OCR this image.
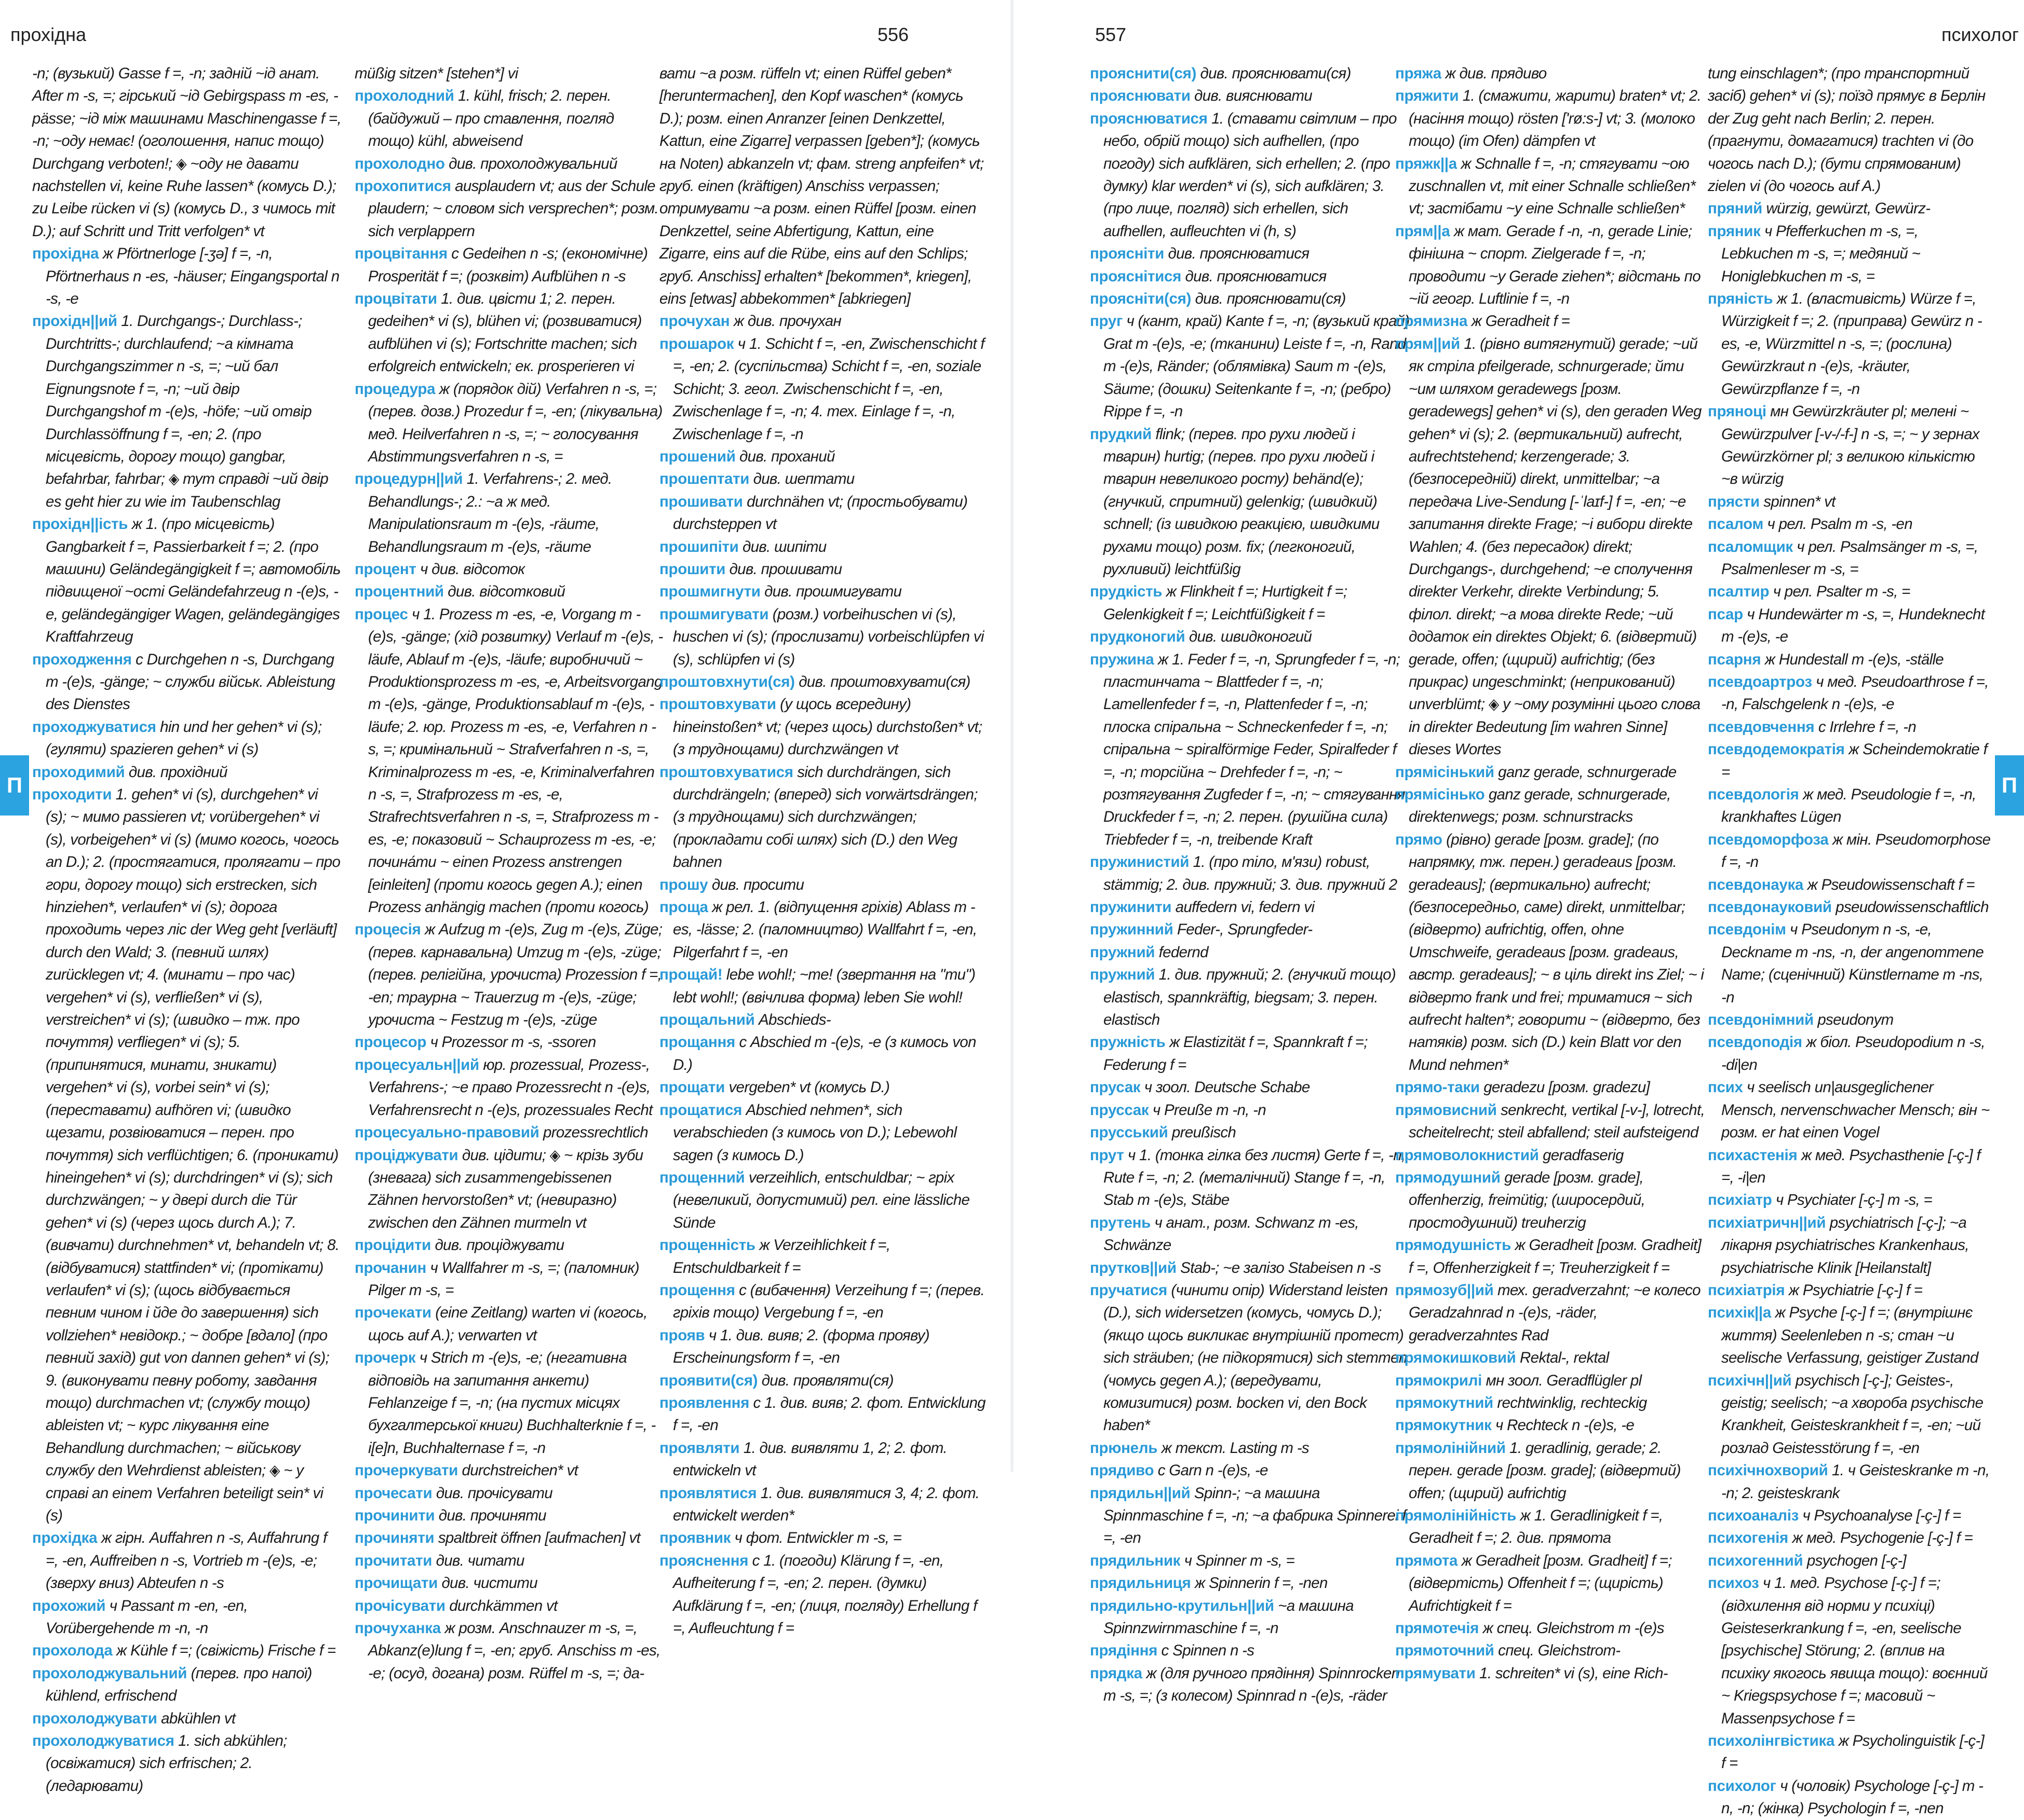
прохідна	556

-n; (вузький) Gasse f =, -n; задній ~ід анат. After m -s, =; гірський ~ід Gebirgspass m -es, -pässe; ~ід між машинами Maschinengasse f =, -n; ~оду немає! (оголошення, напис тощо) Durchgang verboten!; ◈ ~оду не давати nachstellen vi, keine Ruhe lassen* (комусь D.); zu Leibe rücken vi (s) (комусь D., з чимось mit D.); auf Schritt und Tritt verfolgen* vt

прохідна ж Pförtnerloge [-ʒə] f =, -n, Pförtnerhaus n -es, -häuser; Eingangsportal n -s, -e

прохідн||ий 1. Durchgangs-; Durchlass-; Durchtritts-; durchlaufend; ~а кімната Durchgangszimmer n -s, =; ~ий бал Eignungsnote f =, -n; ~ий двір Durchgangshof m -(e)s, -höfe; ~ий отвір Durchlassöffnung f =, -en; 2. (про місцевість, дорогу тощо) gangbar, befahrbar, fahrbar; ◈ тут справді ~ий двір es geht hier zu wie im Taubenschlag

прохідн||ість ж 1. (про місцевість) Gangbarkeit f =, Passierbarkeit f =; 2. (про машини) Geländegängigkeit f =; автомобіль підвищеної ~ості Geländefahrzeug n -(e)s, -e, geländegängiger Wagen, geländegängiges Kraftfahrzeug

проходження с Durchgehen n -s, Durchgang m -(e)s, -gänge; ~ служби військ. Ableistung des Dienstes

проходжуватися hin und her gehen* vi (s); (гуляти) spazieren gehen* vi (s)

проходимий див. прохідний

проходити 1. gehen* vi (s), durchgehen* vi (s); ~ мимо passieren vt; vorübergehen* vi (s), vorbeigehen* vi (s) (мимо когось, чогось an D.); 2. (простягатися, пролягати – про гори, дорогу тощо) sich erstrecken, sich hinziehen*, verlaufen* vi (s); дорога проходить через ліс der Weg geht [verläuft] durch den Wald; 3. (певний шлях) zurücklegen vt; 4. (минати – про час) vergehen* vi (s), verfließen* vi (s), verstreichen* vi (s); (швидко – тж. про почуття) verfliegen* vi (s); 5. (припинятися, минати, зникати) vergehen* vi (s), vorbei sein* vi (s); (переставати) aufhören vi; (швидко щезати, розвіюватися – перен. про почуття) sich verflüchtigen; 6. (проникати) hineingehen* vi (s); durchdringen* vi (s); sich durchzwängen; ~ у двері durch die Tür gehen* vi (s) (через щось durch A.); 7. (вивчати) durchnehmen* vt, behandeln vt; 8. (відбуватися) stattfinden* vi; (протікати) verlaufen* vi (s); (щось відбувається певним чином і йде до завершення) sich vollziehen* невідокр.; ~ добре [вдало] (про певний захід) gut von dannen gehen* vi (s); 9. (виконувати певну роботу, завдання тощо) durchmachen vt; (службу тощо) ableisten vt; ~ курс лікування eine Behandlung durchmachen; ~ військову службу den Wehrdienst ableisten; ◈ ~ у справі an einem Verfahren beteiligt sein* vi (s)

прохідка ж гірн. Auffahren n -s, Auffahrung f =, -en, Auffreiben n -s, Vortrieb m -(e)s, -e; (зверху вниз) Abteufen n -s

прохожий ч Passant m -en, -en, Vorübergehende m -n, -n

прохолода ж Kühle f =; (свіжість) Frische f =

прохолоджувальний (перев. про напої) kühlend, erfrischend

прохолоджувати abkühlen vt

прохолоджуватися 1. sich abkühlen; (освіжатися) sich erfrischen; 2. (ледарювати)

müßig sitzen* [stehen*] vi

прохолодний 1. kühl, frisch; 2. перен. (байдужий – про ставлення, погляд тощо) kühl, abweisend

прохолодно див. прохолоджувальний

прохопитися ausplaudern vt; aus der Schule plaudern; ~ словом sich versprechen*; розм. sich verplappern

процвітання с Gedeihen n -s; (економічне) Prosperität f =; (розквіт) Aufblühen n -s

процвітати 1. див. цвісти 1; 2. перен. gedeihen* vi (s), blühen vi; (розвиватися) aufblühen vi (s); Fortschritte machen; sich erfolgreich entwickeln; ек. prosperieren vi

процедура ж (порядок дій) Verfahren n -s, =; (перев. дозв.) Prozedur f =, -en; (лікувальна) мед. Heilverfahren n -s, =; ~ голосування Abstimmungsverfahren n -s, =

процедурн||ий 1. Verfahrens-; 2. мед. Behandlungs-; 2.: ~а ж мед. Manipulationsraum m -(e)s, -räume, Behandlungsraum m -(e)s, -räume

процент ч див. відсоток

процентний див. відсотковий

процес ч 1. Prozess m -es, -e, Vorgang m -(e)s, -gänge; (хід розвитку) Verlauf m -(e)s, -läufe, Ablauf m -(e)s, -läufe; виробничий ~ Produktionsprozess m -es, -e, Arbeitsvorgang m -(e)s, -gänge, Produktionsablauf m -(e)s, -läufe; 2. юр. Prozess m -es, -e, Verfahren n -s, =; кримінальний ~ Strafverfahren n -s, =, Kriminalprozess m -es, -e, Kriminalverfahren n -s, =, Strafprozess m -es, -e, Strafrechtsverfahren n -s, =, Strafprozess m -es, -e; показовий ~ Schauprozess m -es, -e; почина́ти ~ einen Prozess anstrengen [einleiten] (проти когось gegen A.); einen Prozess anhängig machen (проти когось)

процесія ж Aufzug m -(e)s, Zug m -(e)s, Züge; (перев. карнавальна) Umzug m -(e)s, -züge; (перев. релігійна, урочиста) Prozession f =, -en; траурна ~ Trauerzug m -(e)s, -züge; урочиста ~ Festzug m -(e)s, -züge

процесор ч Prozessor m -s, -ssoren

процесуальн||ий юр. prozessual, Prozess-, Verfahrens-; ~е право Prozessrecht n -(e)s, Verfahrensrecht n -(e)s, prozessuales Recht

процесуально-правовий prozessrechtlich

проціджувати див. цідити; ◈ ~ крізь зуби (зневага) sich zusammengebissenen Zähnen hervorstoßen* vt; (невиразно) zwischen den Zähnen murmeln vt

процідити див. проціджувати

прочанин ч Wallfahrer m -s, =; (паломник) Pilger m -s, =

прочекати (eine Zeitlang) warten vi (когось, щось auf A.); verwarten vt

прочерк ч Strich m -(e)s, -e; (негативна відповідь на запитання анкети) Fehlanzeige f =, -n; (на пустих місцях бухгалтерської книги) Buchhalterknie f =, -i[e]n, Buchhalternase f =, -n

прочеркувати durchstreichen* vt

прочесати див. прочісувати

прочинити див. прочиняти

прочиняти spaltbreit öffnen [aufmachen] vt

прочитати див. читати

прочищати див. чистити

прочісувати durchkämmen vt

прочуханка ж розм. Anschnauzer m -s, =, Abkanz(e)lung f =, -en; груб. Anschiss m -es, -e; (осуд, догана) розм. Rüffel m -s, =; да-

вати ~а розм. rüffeln vt; einen Rüffel geben* [heruntermachen], den Kopf waschen* (комусь D.); розм. einen Anranzer [einen Denkzettel, Kattun, eine Zigarre] verpassen [geben*]; (комусь на Noten) abkanzeln vt; фам. streng anpfeifen* vt; груб. einen (kräftigen) Anschiss verpassen; отримувати ~а розм. einen Rüffel [розм. einen Denkzettel, seine Abfertigung, Kattun, eine Zigarre, eins auf die Rübe, eins auf den Schlips; груб. Anschiss] erhalten* [bekommen*, kriegen], eins [etwas] abbekommen* [abkriegen]

прочухан ж див. прочухан

прошарок ч 1. Schicht f =, -en, Zwischenschicht f =, -en; 2. (суспільства) Schicht f =, -en, soziale Schicht; 3. геол. Zwischenschicht f =, -en, Zwischenlage f =, -n; 4. тех. Einlage f =, -n, Zwischenlage f =, -n

прошений див. проханий

прошептати див. шептати

прошивати durchnähen vt; (простьобувати) durchsteppen vt

прошипіти див. шипіти

прошити див. прошивати

прошмигнути див. прошмигувати

прошмигувати (розм.) vorbeihuschen vi (s), huschen vi (s); (прослизати) vorbeischlüpfen vi (s), schlüpfen vi (s)

проштовхнути(ся) див. проштовхувати(ся)

проштовхувати (у щось всередину) hineinstoßen* vt; (через щось) durchstoßen* vt; (з труднощами) durchzwängen vt

проштовхуватися sich durchdrängen, sich durchdrängeln; (вперед) sich vorwärtsdrängen; (з труднощами) sich durchzwängen; (прокладати собі шлях) sich (D.) den Weg bahnen

прошу див. просити

прощa ж рел. 1. (відпущення гріхів) Ablass m -es, -lässe; 2. (паломництво) Wallfahrt f =, -en, Pilgerfahrt f =, -en

прощай! lebe wohl!; ~те! (звертання на "ти") lebt wohl!; (ввічлива форма) leben Sie wohl!

прощальний Abschieds-

прощання с Abschied m -(e)s, -e (з кимось von D.)

прощати vergeben* vt (комусь D.)

прощатися Abschied nehmen*, sich verabschieden (з кимось von D.); Lebewohl sagen (з кимось D.)

прощенний verzeihlich, entschuldbar; ~ гріх (невеликий, допустимий) рел. eine lässliche Sünde

прощенність ж Verzeihlichkeit f =, Entschuldbarkeit f =

прощення с (вибачення) Verzeihung f =; (перев. гріхів тощо) Vergebung f =, -en

прояв ч 1. див. вияв; 2. (форма прояву) Erscheinungsform f =, -en

проявити(ся) див. проявляти(ся)

проявлення с 1. див. вияв; 2. фот. Entwicklung f =, -en

проявляти 1. див. виявляти 1, 2; 2. фот. entwickeln vt

проявлятися 1. див. виявлятися 3, 4; 2. фот. entwickelt werden*

проявник ч фот. Entwickler m -s, =

прояснення с 1. (погоди) Klärung f =, -en, Aufheiterung f =, -en; 2. перен. (думки) Aufklärung f =, -en; (лиця, погляду) Erhellung f =, Aufleuchtung f =

П
557	психолог

прояснити(ся) див. прояснювати(ся)

прояснювати див. вияснювати

прояснюватися 1. (ставати світлим – про небо, обрій тощо) sich aufhellen, (про погоду) sich aufklären, sich erhellen; 2. (про думку) klar werden* vi (s), sich aufklären; 3. (про лице, погляд) sich erhellen, sich aufhellen, aufleuchten vi (h, s)

проясніти див. прояснюватися

прояснітися див. прояснюватися

проясніти(ся) див. прояснювати(ся)

пруг ч (кант, край) Kante f =, -n; (вузький край) Grat m -(e)s, -e; (тканини) Leiste f =, -n, Rand m -(e)s, Ränder; (облямівка) Saum m -(e)s, Säume; (дошки) Seitenkante f =, -n; (ребро) Rippe f =, -n

прудкий flink; (перев. про рухи людей і тварин) hurtig; (перев. про рухи людей і тварин невеликого росту) behänd(e); (гнучкий, спритний) gelenkig; (швидкий) schnell; (із швидкою реакцією, швидкими рухами тощо) розм. fix; (легконогий, рухливий) leichtfüßig

прудкість ж Flinkheit f =; Hurtigkeit f =; Gelenkigkeit f =; Leichtfüßigkeit f =

прудконогий див. швидконогий

пружина ж 1. Feder f =, -n, Sprungfeder f =, -n; пластинчата ~ Blattfeder f =, -n; Lamellenfeder f =, -n, Plattenfeder f =, -n; плоска спіральна ~ Schneckenfeder f =, -n; спіральна ~ spiralförmige Feder, Spiralfeder f =, -n; торсійна ~ Drehfeder f =, -n; ~ розтягування Zugfeder f =, -n; ~ стягування Druckfeder f =, -n; 2. перен. (рушійна сила) Triebfeder f =, -n, treibende Kraft

пружинистий 1. (про тіло, м'язи) robust, stämmig; 2. див. пружний; 3. див. пружний 2

пружинити auffedern vi, federn vi

пружинний Feder-, Sprungfeder-

пружний federnd

пружний 1. див. пружний; 2. (гнучкий тощо) elastisch, spannkräftig, biegsam; 3. перен. elastisch

пружність ж Elastizität f =, Spannkraft f =; Federung f =

прусак ч зоол. Deutsche Schabe

пруссак ч Preuße m -n, -n

прусський preußisch

прут ч 1. (тонка гілка без листя) Gerte f =, -n, Rute f =, -n; 2. (металічний) Stange f =, -n, Stab m -(e)s, Stäbe

прутень ч анат., розм. Schwanz m -es, Schwänze

прутков||ий Stab-; ~е залізо Stabeisen n -s

пручатися (чинити опір) Widerstand leisten (D.), sich widersetzen (комусь, чомусь D.); (якщо щось викликає внутрішній протест) sich sträuben; (не підкорятися) sich stemmen (чомусь gegen A.); (вередувати, комизитися) розм. bocken vi, den Bock haben*

прюнель ж текст. Lasting m -s

прядиво с Garn n -(e)s, -e

прядильн||ий Spinn-; ~а машина Spinnmaschine f =, -n; ~а фабрика Spinnerei f =, -en

прядильник ч Spinner m -s, =

прядильниця ж Spinnerin f =, -nen

прядильно-крутильн||ий ~а машина Spinnzwirnmaschine f =, -n

прядіння с Spinnen n -s

прядка ж (для ручного прядіння) Spinnrocken m -s, =; (з колесом) Spinnrad n -(e)s, -räder

пряжа ж див. прядиво

пряжити 1. (смажити, жарити) braten* vt; 2. (насіння тощо) rösten ['rø:s-] vt; 3. (молоко тощо) (im Ofen) dämpfen vt

пряжк||а ж Schnalle f =, -n; стягувати ~ою zuschnallen vt, mit einer Schnalle schließen* vt; застібати ~у eine Schnalle schließen*

прям||а ж мат. Gerade f -n, -n, gerade Linie; фінішна ~ спорт. Zielgerade f =, -n; проводити ~у Gerade ziehen*; відстань по ~ій геогр. Luftlinie f =, -n

прямизна ж Geradheit f =

прям||ий 1. (рівно витягнутий) gerade; ~ий як стріла pfeilgerade, schnurgerade; йти ~им шляхом geradewegs [розм. geradewegs] gehen* vi (s), den geraden Weg gehen* vi (s); 2. (вертикальний) aufrecht, aufrechtstehend; kerzengerade; 3. (безпосередній) direkt, unmittelbar; ~а передача Live-Sendung [-ˈlaɪf-] f =, -en; ~е запитання direkte Frage; ~і вибори direkte Wahlen; 4. (без пересадок) direkt; Durchgangs-, durchgehend; ~е сполучення direkter Verkehr, direkte Verbindung; 5. філол. direkt; ~а мова direkte Rede; ~ий додаток ein direktes Objekt; 6. (відвертий) gerade, offen; (щирий) aufrichtig; (без прикрас) ungeschminkt; (неприкований) unverblümt; ◈ у ~ому розумінні цього слова in direkter Bedeutung [im wahren Sinne] dieses Wortes

прямісінький ganz gerade, schnurgerade

прямісінько ganz gerade, schnurgerade, direktenwegs; розм. schnurstracks

прямо (рівно) gerade [розм. grade]; (по напрямку, тж. перен.) geradeaus [розм. geradeaus]; (вертикально) aufrecht; (безпосередньо, саме) direkt, unmittelbar; (відверто) aufrichtig, offen, ohne Umschweife, geradeaus [розм. gradeaus, австр. geradeaus]; ~ в ціль direkt ins Ziel; ~ і відверто frank und frei; триматися ~ sich aufrecht halten*; говорити ~ (відверто, без натяків) розм. sich (D.) kein Blatt vor den Mund nehmen*

прямо-таки geradezu [розм. gradezu]

прямовисний senkrecht, vertikal [-v-], lotrecht, scheitelrecht; steil abfallend; steil aufsteigend

прямоволокнистий geradfaserig

прямодушний gerade [розм. grade], offenherzig, freimütig; (широсердий, простодушний) treuherzig

прямодушність ж Geradheit [розм. Gradheit] f =, Offenherzigkeit f =; Treuherzigkeit f =

прямозуб||ий тех. geradverzahnt; ~е колесо Geradzahnrad n -(e)s, -räder, geradverzahntes Rad

прямокишковий Rektal-, rektal

прямокрилі мн зоол. Geradflügler pl

прямокутний rechtwinklig, rechteckig

прямокутник ч Rechteck n -(e)s, -e

прямолінійний 1. geradlinig, gerade; 2. перен. gerade [розм. grade]; (відвертий) offen; (щирий) aufrichtig

прямолінійність ж 1. Geradlinigkeit f =, Geradheit f =; 2. див. прямота

прямота ж Geradheit [розм. Gradheit] f =; (відвертість) Offenheit f =; (щирість) Aufrichtigkeit f =

прямотечія ж спец. Gleichstrom m -(e)s

прямоточний спец. Gleichstrom-

прямувати 1. schreiten* vi (s), eine Rich-

tung einschlagen*; (про транспортний засіб) gehen* vi (s); поїзд прямує в Берлін der Zug geht nach Berlin; 2. перен. (прагнути, домагатися) trachten vi (до чогось nach D.); (бути спрямованим) zielen vi (до чогось auf A.)

пряний würzig, gewürzt, Gewürz-

пряник ч Pfefferkuchen m -s, =, Lebkuchen m -s, =; медяний ~ Honiglebkuchen m -s, =

пряність ж 1. (властивість) Würze f =, Würzigkeit f =; 2. (приправа) Gewürz n -es, -e, Würzmittel n -s, =; (рослина) Gewürzkraut n -(e)s, -kräuter, Gewürzpflanze f =, -n

пряноці мн Gewürzkräuter pl; мелені ~ Gewürzpulver [-v-/-f-] n -s, =; ~ у зернах Gewürzkörner pl; з великою кількістю ~в würzig

прясти spinnen* vt

псалом ч рел. Psalm m -s, -en

псаломщик ч рел. Psalmsänger m -s, =, Psalmenleser m -s, =

псалтир ч рел. Psalter m -s, =

псар ч Hundewärter m -s, =, Hundeknecht m -(e)s, -e

псарня ж Hundestall m -(e)s, -ställe

псевдоартроз ч мед. Pseudoarthrose f =, -n, Falschgelenk n -(e)s, -e

псевдовчення с Irrlehre f =, -n

псевдодемократія ж Scheindemokratie f =

псевдологія ж мед. Pseudologie f =, -n, krankhaftes Lügen

псевдоморфоза ж мін. Pseudomorphose f =, -n

псевдонаука ж Pseudowissenschaft f =

псевдонауковий pseudowissenschaftlich

псевдонім ч Pseudonym n -s, -e, Deckname m -ns, -n, der angenommene Name; (сценічний) Künstlername m -ns, -n

псевдонімний pseudonym

псевдоподія ж біол. Pseudopodium n -s, -di|en

псих ч seelisch un|ausgeglichener Mensch, nervenschwacher Mensch; він ~ розм. er hat einen Vogel

психастенія ж мед. Psychasthenie [-ç-] f =, -i|en

психіатр ч Psychiater [-ç-] m -s, =

психіатричн||ий psychiatrisch [-ç-]; ~а лікарня psychiatrisches Krankenhaus, psychiatrische Klinik [Heilanstalt]

психіатрія ж Psychiatrie [-ç-] f =

психік||а ж Psyche [-ç-] f =; (внутрішнє життя) Seelenleben n -s; стан ~и seelische Verfassung, geistiger Zustand

психічн||ий psychisch [-ç-]; Geistes-, geistig; seelisch; ~а хвороба psychische Krankheit, Geisteskrankheit f =, -en; ~ий розлад Geistesstörung f =, -en

психічнохворий 1. ч Geisteskranke m -n, -n; 2. geisteskrank

психоаналіз ч Psychoanalyse [-ç-] f =

психогенія ж мед. Psychogenie [-ç-] f =

психогенний psychogen [-ç-]

психоз ч 1. мед. Psychose [-ç-] f =; (відхилення від норми у психіці) Geisteserkrankung f =, -en, seelische [psychische] Störung; 2. (вплив на психіку якогось явища тощо): воєнний ~ Kriegspsychose f =; масовий ~ Massenpsychose f =

психолінгвістика ж Psycholinguistik [-ç-] f =

психолог ч (чоловік) Psychologe [-ç-] m -n, -n; (жінка) Psychologin f =, -nen

П
